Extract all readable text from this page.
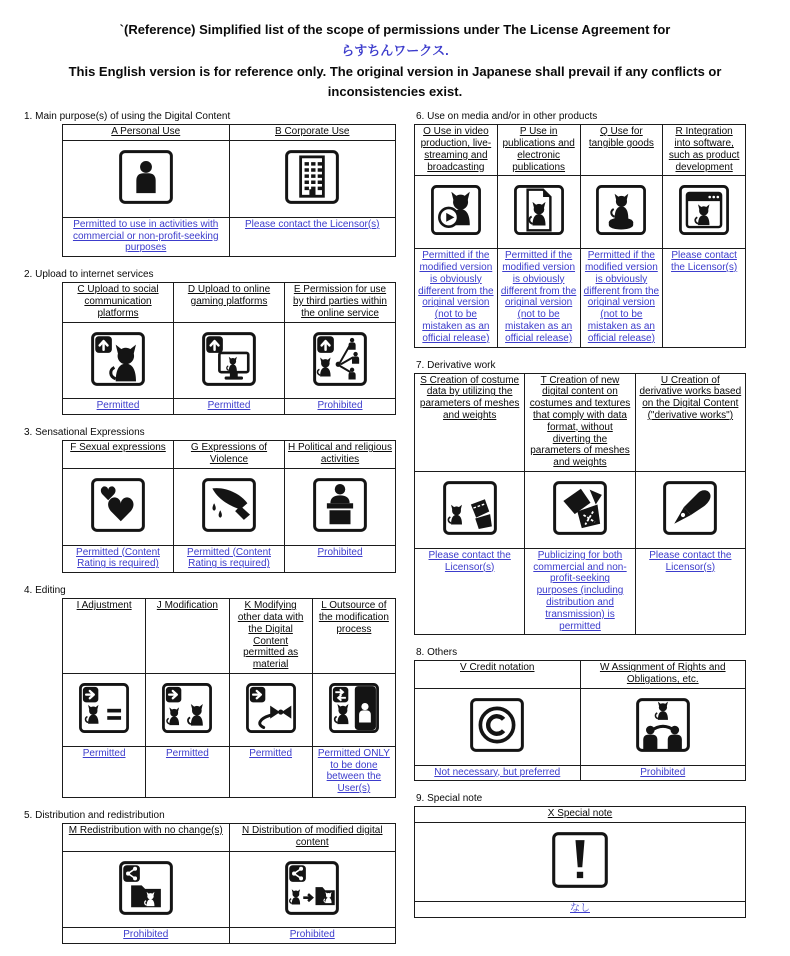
`(Reference) Simplified list of the scope of permissions under The License Agreement for
らすちんワークス.
This English version is for reference only. The original version in Japanese shall prevail if any conflicts or inconsistencies exist.
1. Main purpose(s) of using the Digital Content
A Personal Use	B Corporate Use

Permitted to use in activities with commercial or non-profit-seeking purposes	Please contact the Licensor(s)
2. Upload to internet services
C Upload to social communication platforms	D Upload to online gaming platforms	E Permission for use by third parties within the online service

Permitted	Permitted	Prohibited
3. Sensational Expressions
F Sexual expressions	G Expressions of Violence	H Political and religious activities

Permitted (Content Rating is required)	Permitted (Content Rating is required)	Prohibited
4. Editing
I Adjustment	J Modification	K Modifying other data with the Digital Content permitted as material	L Outsource of the modification process

Permitted	Permitted	Permitted	Permitted ONLY to be done between the User(s)
5. Distribution and redistribution
M Redistribution with no change(s)	N Distribution of modified digital content

Prohibited	Prohibited
6. Use on media and/or in other products
O Use in video production, live-streaming and broadcasting	P Use in publications and electronic publications	Q Use for tangible goods	R Integration into software, such as product development

Permitted if the modified version is obviously different from the original version (not to be mistaken as an official release)	Permitted if the modified version is obviously different from the original version (not to be mistaken as an official release)	Permitted if the modified version is obviously different from the original version (not to be mistaken as an official release)	Please contact the Licensor(s)
7. Derivative work
S Creation of costume data by utilizing the parameters of meshes and weights	T Creation of new digital content on costumes and textures that comply with data format, without diverting the parameters of meshes and weights	U Creation of derivative works based on the Digital Content ("derivative works")

Please contact the Licensor(s)	Publicizing for both commercial and non-profit-seeking purposes (including distribution and transmission) is permitted	Please contact the Licensor(s)
8. Others
V Credit notation	W Assignment of Rights and Obligations, etc.

Not necessary, but preferred	Prohibited
9. Special note
X Special note

なし
